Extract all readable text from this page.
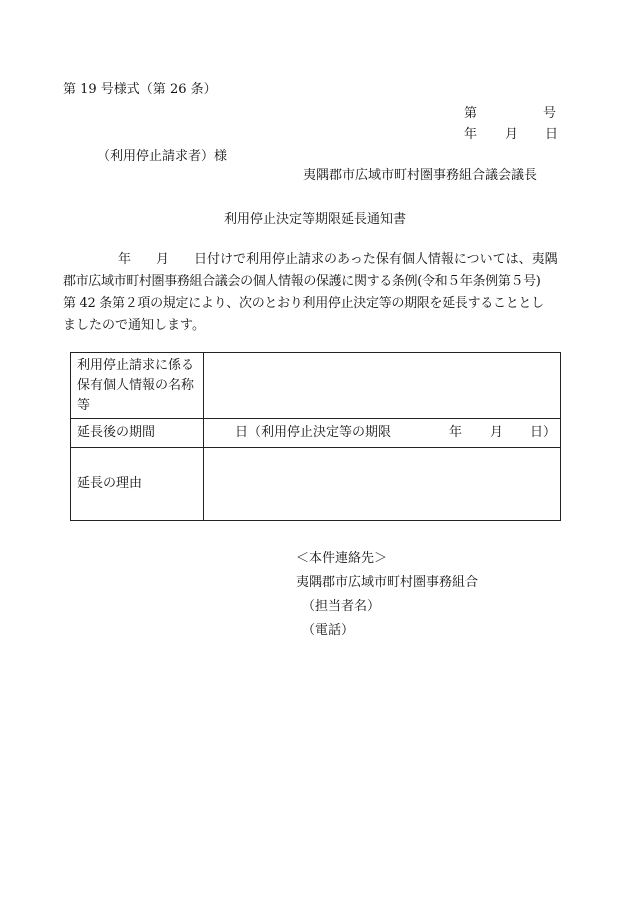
第 19 号様式（第 26 条）
第	号
年 月 日
（利用停止請求者）様
夷隅郡市広域市町村圏事務組合議会議長
利用停止決定等期限延長通知書

年 月 日付けで利用停止請求のあった保有個人情報については、夷隅

郡市広域市町村圏事務組合議会の個人情報の保護に関する条例(令和５年条例第５号)

第 42 条第２項の規定により、次のとおり利用停止決定等の期限を延長することとし

ましたので通知します。

利用停止請求に係る
保有個人情報の名称
等	

延長後の期間	日（利用停止決定等の期限 年 月 日）

延長の理由	
＜本件連絡先＞
夷隅郡市広域市町村圏事務組合
（担当者名）
（電話）
